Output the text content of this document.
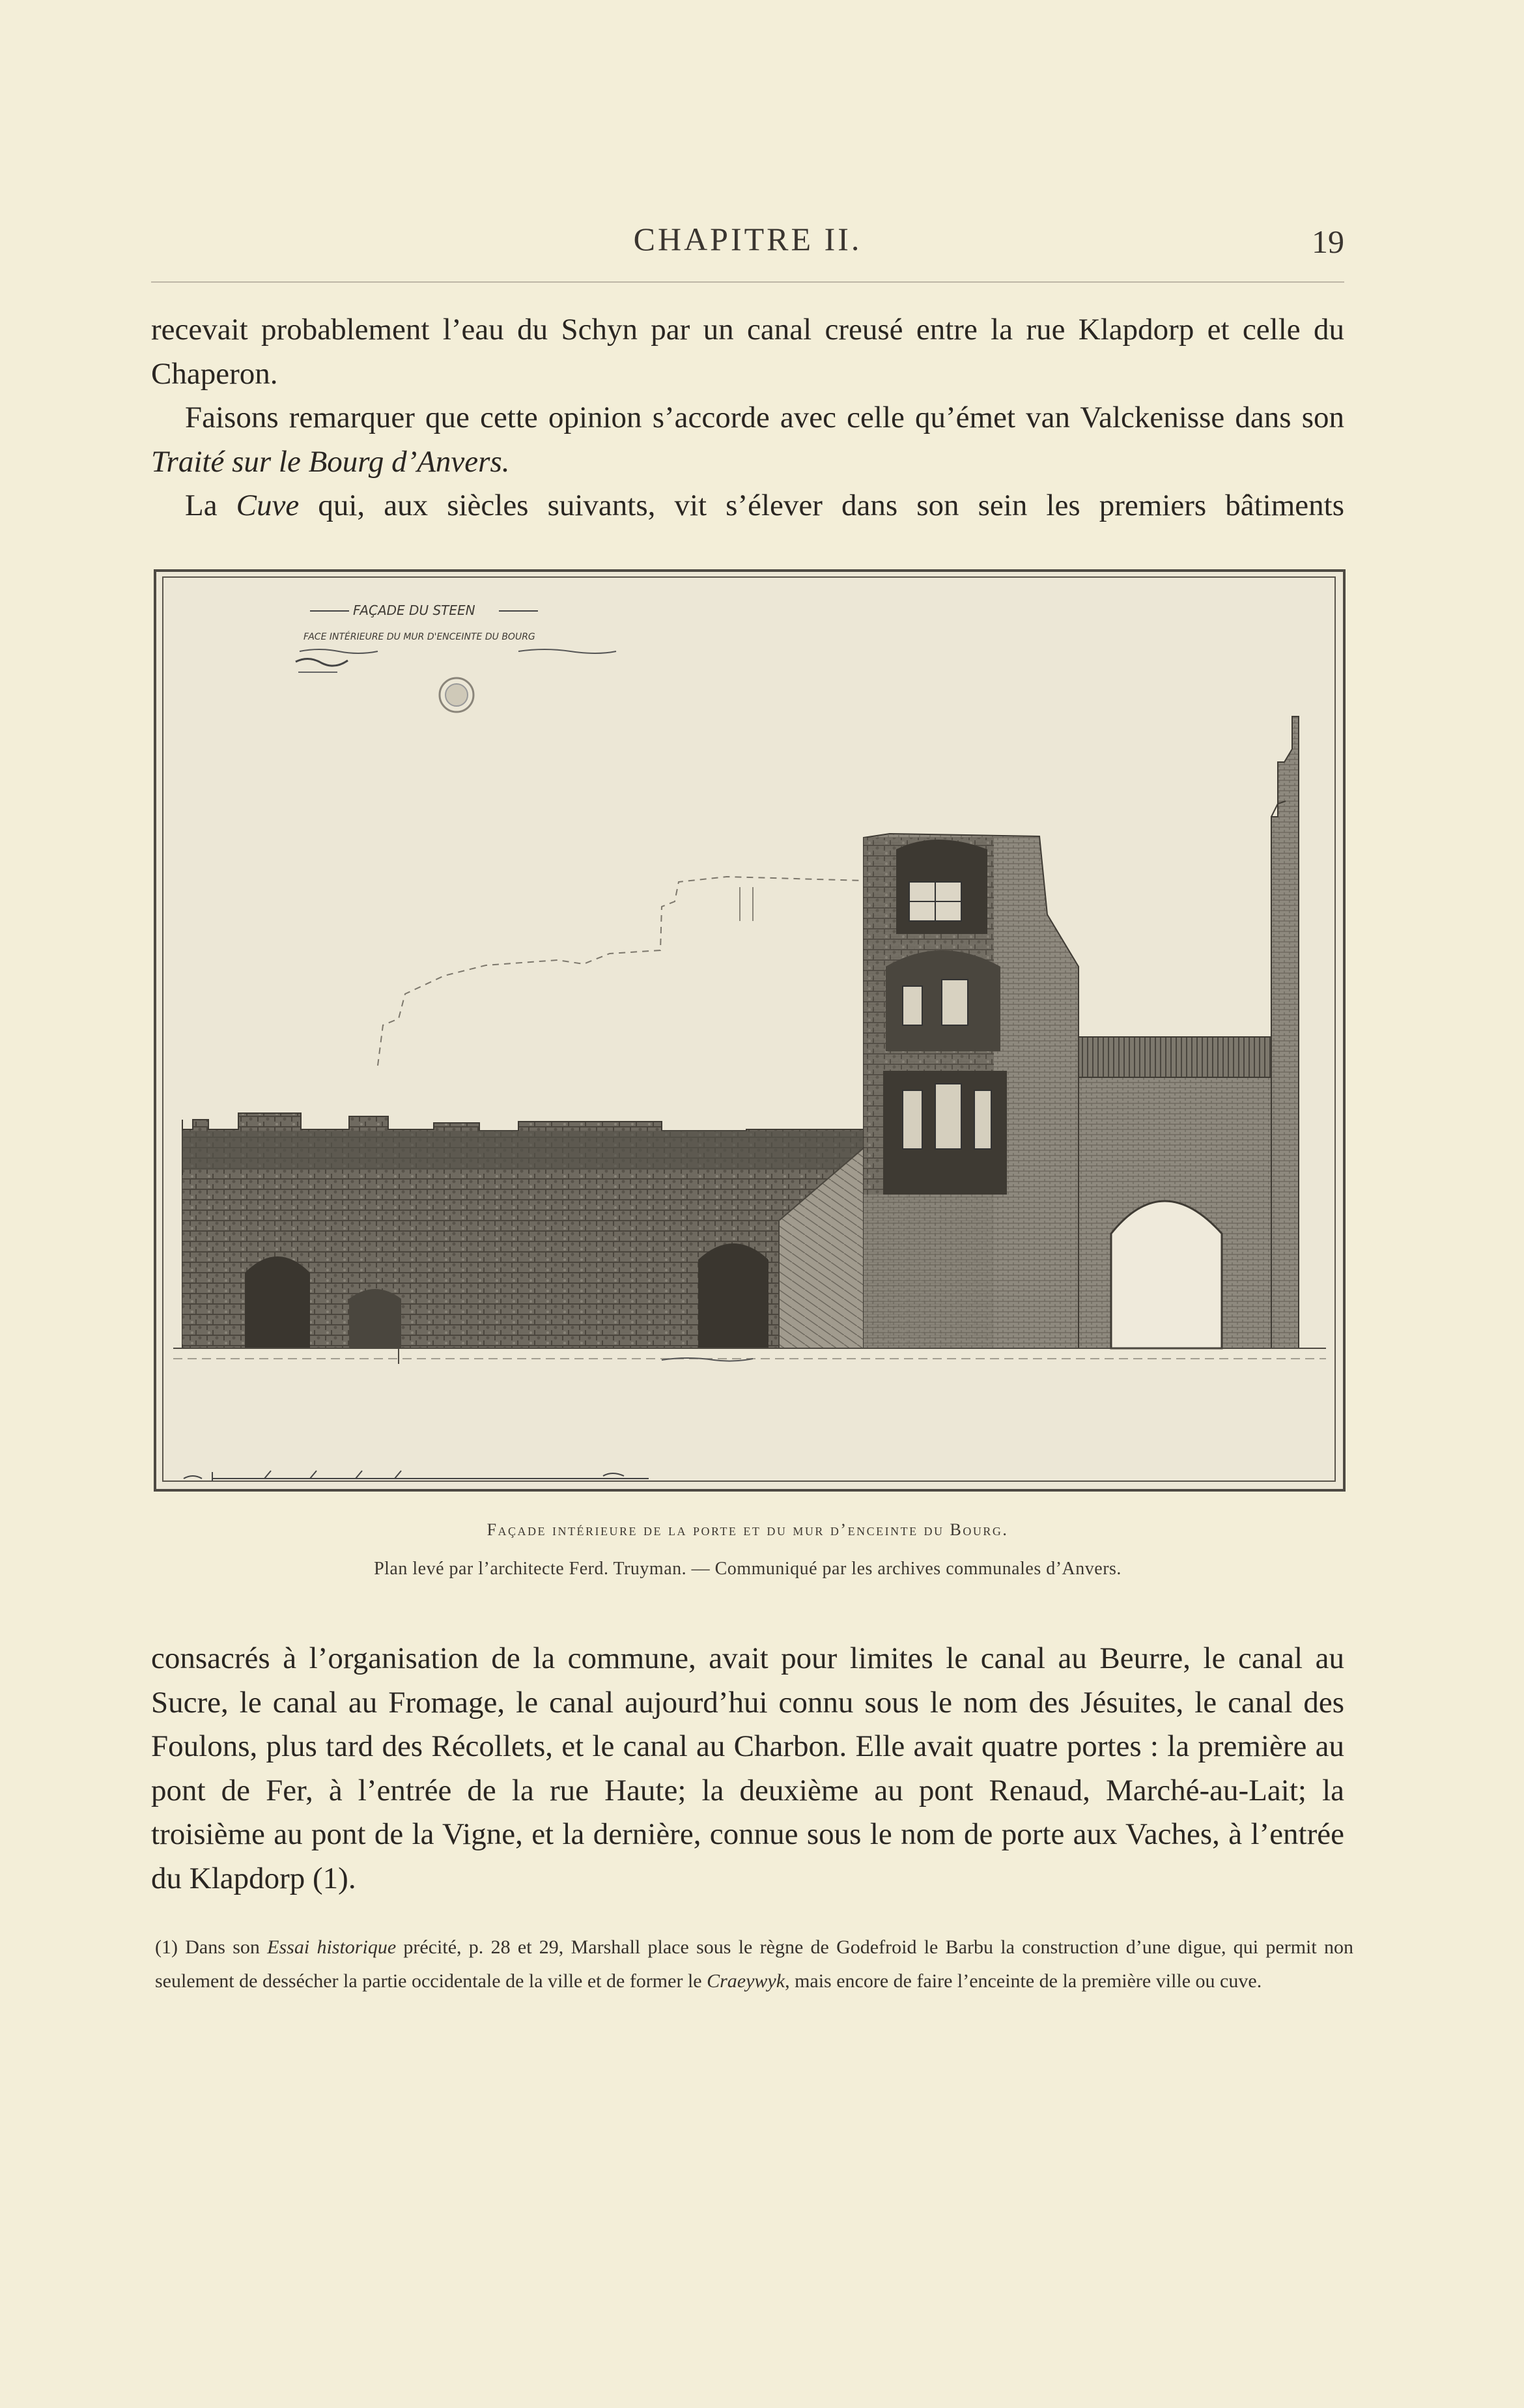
CHAPITRE II.	19

recevait probablement l’eau du Schyn par un canal creusé entre la rue Klapdorp et celle du Chaperon.

Faisons remarquer que cette opinion s’accorde avec celle qu’émet van Valckenisse dans son Traité sur le Bourg d’Anvers.

La Cuve qui, aux siècles suivants, vit s’élever dans son sein les premiers bâtiments

FAÇADE DU STEEN
FACE INTÉRIEURE DU MUR D'ENCEINTE DU BOURG
Façade intérieure de la porte et du mur d’enceinte du Bourg.
Plan levé par l’architecte Ferd. Truyman. — Communiqué par les archives communales d’Anvers.

consacrés à l’organisation de la commune, avait pour limites le canal au Beurre, le canal au Sucre, le canal au Fromage, le canal aujourd’hui connu sous le nom des Jésuites, le canal des Foulons, plus tard des Récollets, et le canal au Charbon. Elle avait quatre portes : la première au pont de Fer, à l’entrée de la rue Haute; la deuxième au pont Renaud, Marché-au-Lait; la troisième au pont de la Vigne, et la dernière, connue sous le nom de porte aux Vaches, à l’entrée du Klapdorp (1).

(1) Dans son Essai historique précité, p. 28 et 29, Marshall place sous le règne de Godefroid le Barbu la construction d’une digue, qui permit non seulement de dessécher la partie occidentale de la ville et de former le Craeywyk, mais encore de faire l’enceinte de la première ville ou cuve.
